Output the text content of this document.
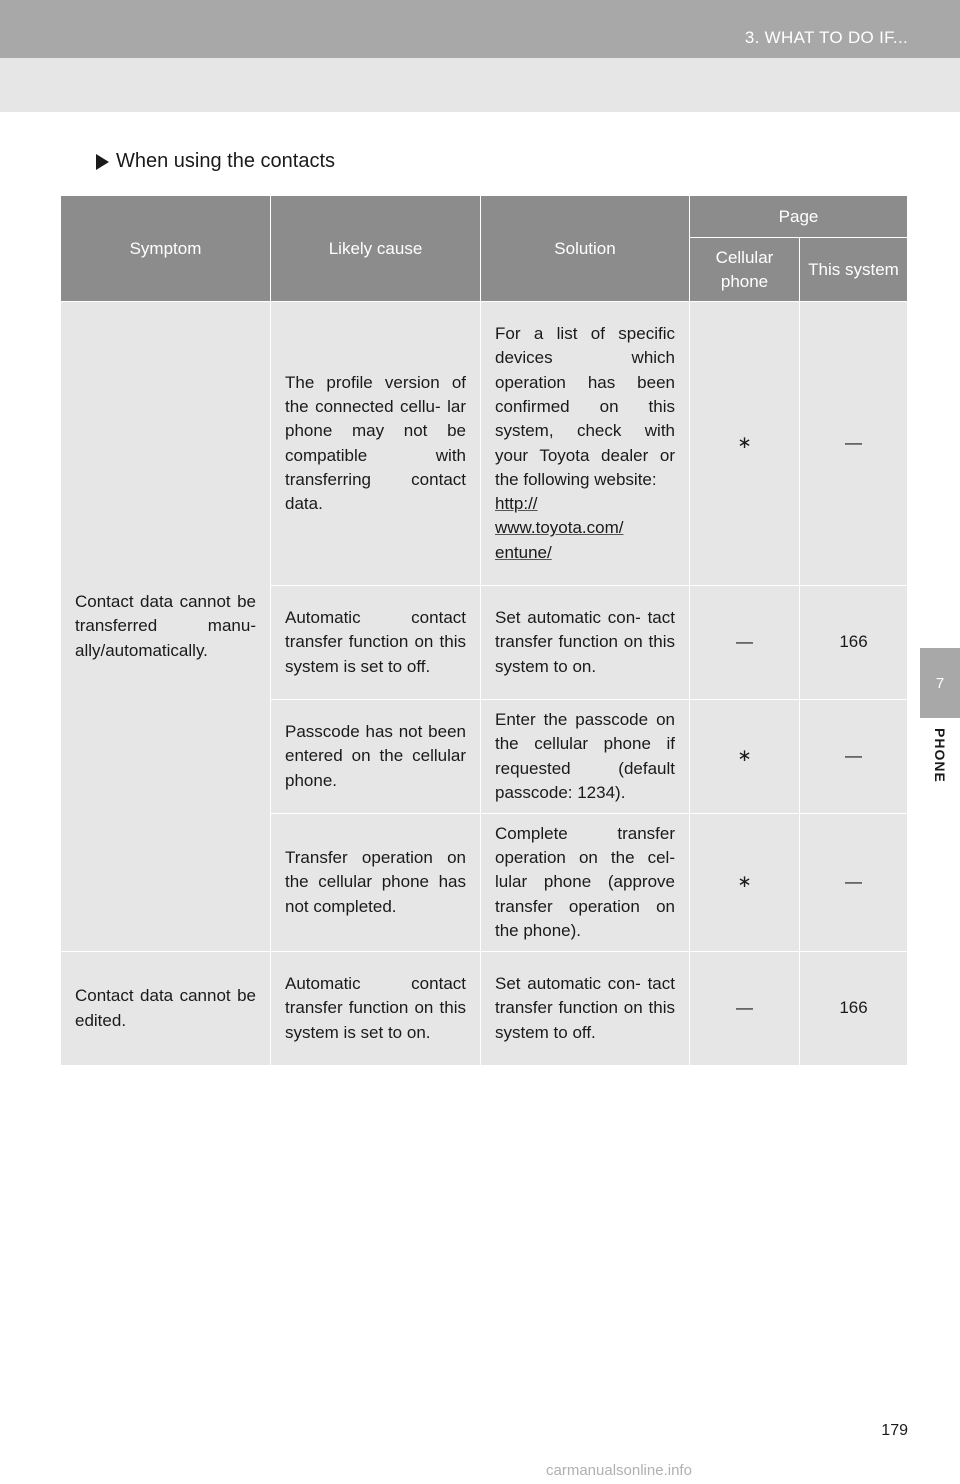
3. WHAT TO DO IF...
7
PHONE
When using the contacts
Symptom	Likely cause	Solution	Page	
			Cellular phone	This system
Contact data cannot be transferred manu- ally/automatically.	The profile version of the connected cellu- lar phone may not be compatible with transferring contact data.	For a list of specific devices which operation has been confirmed on this system, check with your Toyota dealer or the following website:
http://
www.toyota.com/
entune/	∗	—
	Automatic contact transfer function on this system is set to off.	Set automatic con- tact transfer function on this system to on.	—	166
	Passcode has not been entered on the cellular phone.	Enter the passcode on the cellular phone if requested (default passcode: 1234).	∗	—
	Transfer operation on the cellular phone has not completed.	Complete transfer operation on the cel- lular phone (approve transfer operation on the phone).	∗	—
Contact data cannot be edited.	Automatic contact transfer function on this system is set to on.	Set automatic con- tact transfer function on this system to off.	—	166
179
carmanualsonline.info
